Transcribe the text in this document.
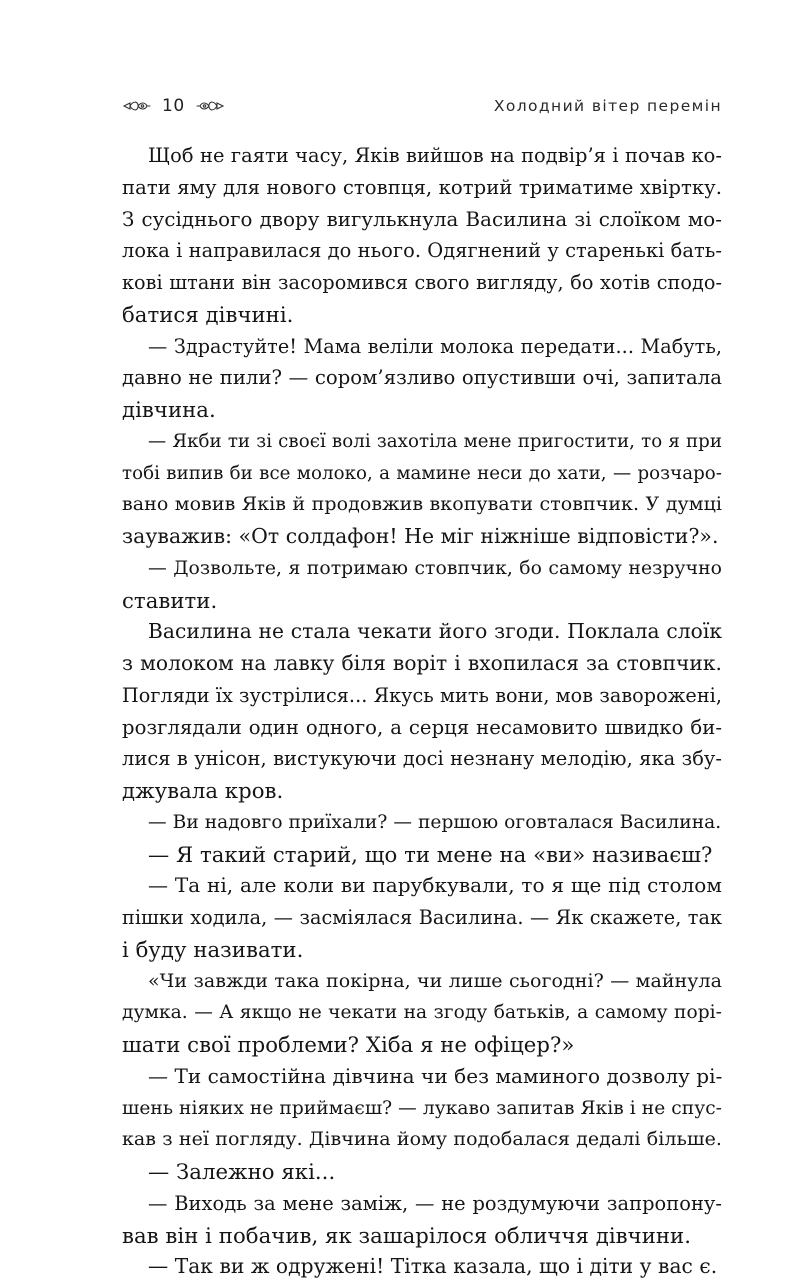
10	Холодний вітер перемін
Щоб не гаяти часу, Яків вийшов на подвір’я і почав ко-
пати яму для нового стовпця, котрий триматиме хвіртку.
З сусіднього двору вигулькнула Василина зі слоїком мо-
лока і направилася до нього. Одягнений у старенькі бать-
кові штани він засоромився свого вигляду, бо хотів сподо-
батися дівчині.
— Здрастуйте! Мама веліли молока передати... Мабуть,
давно не пили? — сором’язливо опустивши очі, запитала
дівчина.
— Якби ти зі своєї волі захотіла мене пригостити, то я при
тобі випив би все молоко, а мамине неси до хати, — розчаро-
вано мовив Яків й продовжив вкопувати стовпчик. У думці
зауважив: «От солдафон! Не міг ніжніше відповісти?».
— Дозвольте, я потримаю стовпчик, бо самому незручно
ставити.
Василина не стала чекати його згоди. Поклала слоїк
з молоком на лавку біля воріт і вхопилася за стовпчик.
Погляди їх зустрілися... Якусь мить вони, мов заворожені,
розглядали один одного, а серця несамовито швидко би-
лися в унісон, вистукуючи досі незнану мелодію, яка збу-
джувала кров.
— Ви надовго приїхали? — першою оговталася Василина.
— Я такий старий, що ти мене на «ви» називаєш?
— Та ні, але коли ви парубкували, то я ще під столом
пішки ходила, — засміялася Василина. — Як скажете, так
і буду називати.
«Чи завжди така покірна, чи лише сьогодні? — майнула
думка. — А якщо не чекати на згоду батьків, а самому порі-
шати свої проблеми? Хіба я не офіцер?»
— Ти самостійна дівчина чи без маминого дозволу рі-
шень ніяких не приймаєш? — лукаво запитав Яків і не спус-
кав з неї погляду. Дівчина йому подобалася дедалі більше.
— Залежно які...
— Виходь за мене заміж, — не роздумуючи запропону-
вав він і побачив, як зашарілося обличчя дівчини.
— Так ви ж одружені! Тітка казала, що і діти у вас є.
